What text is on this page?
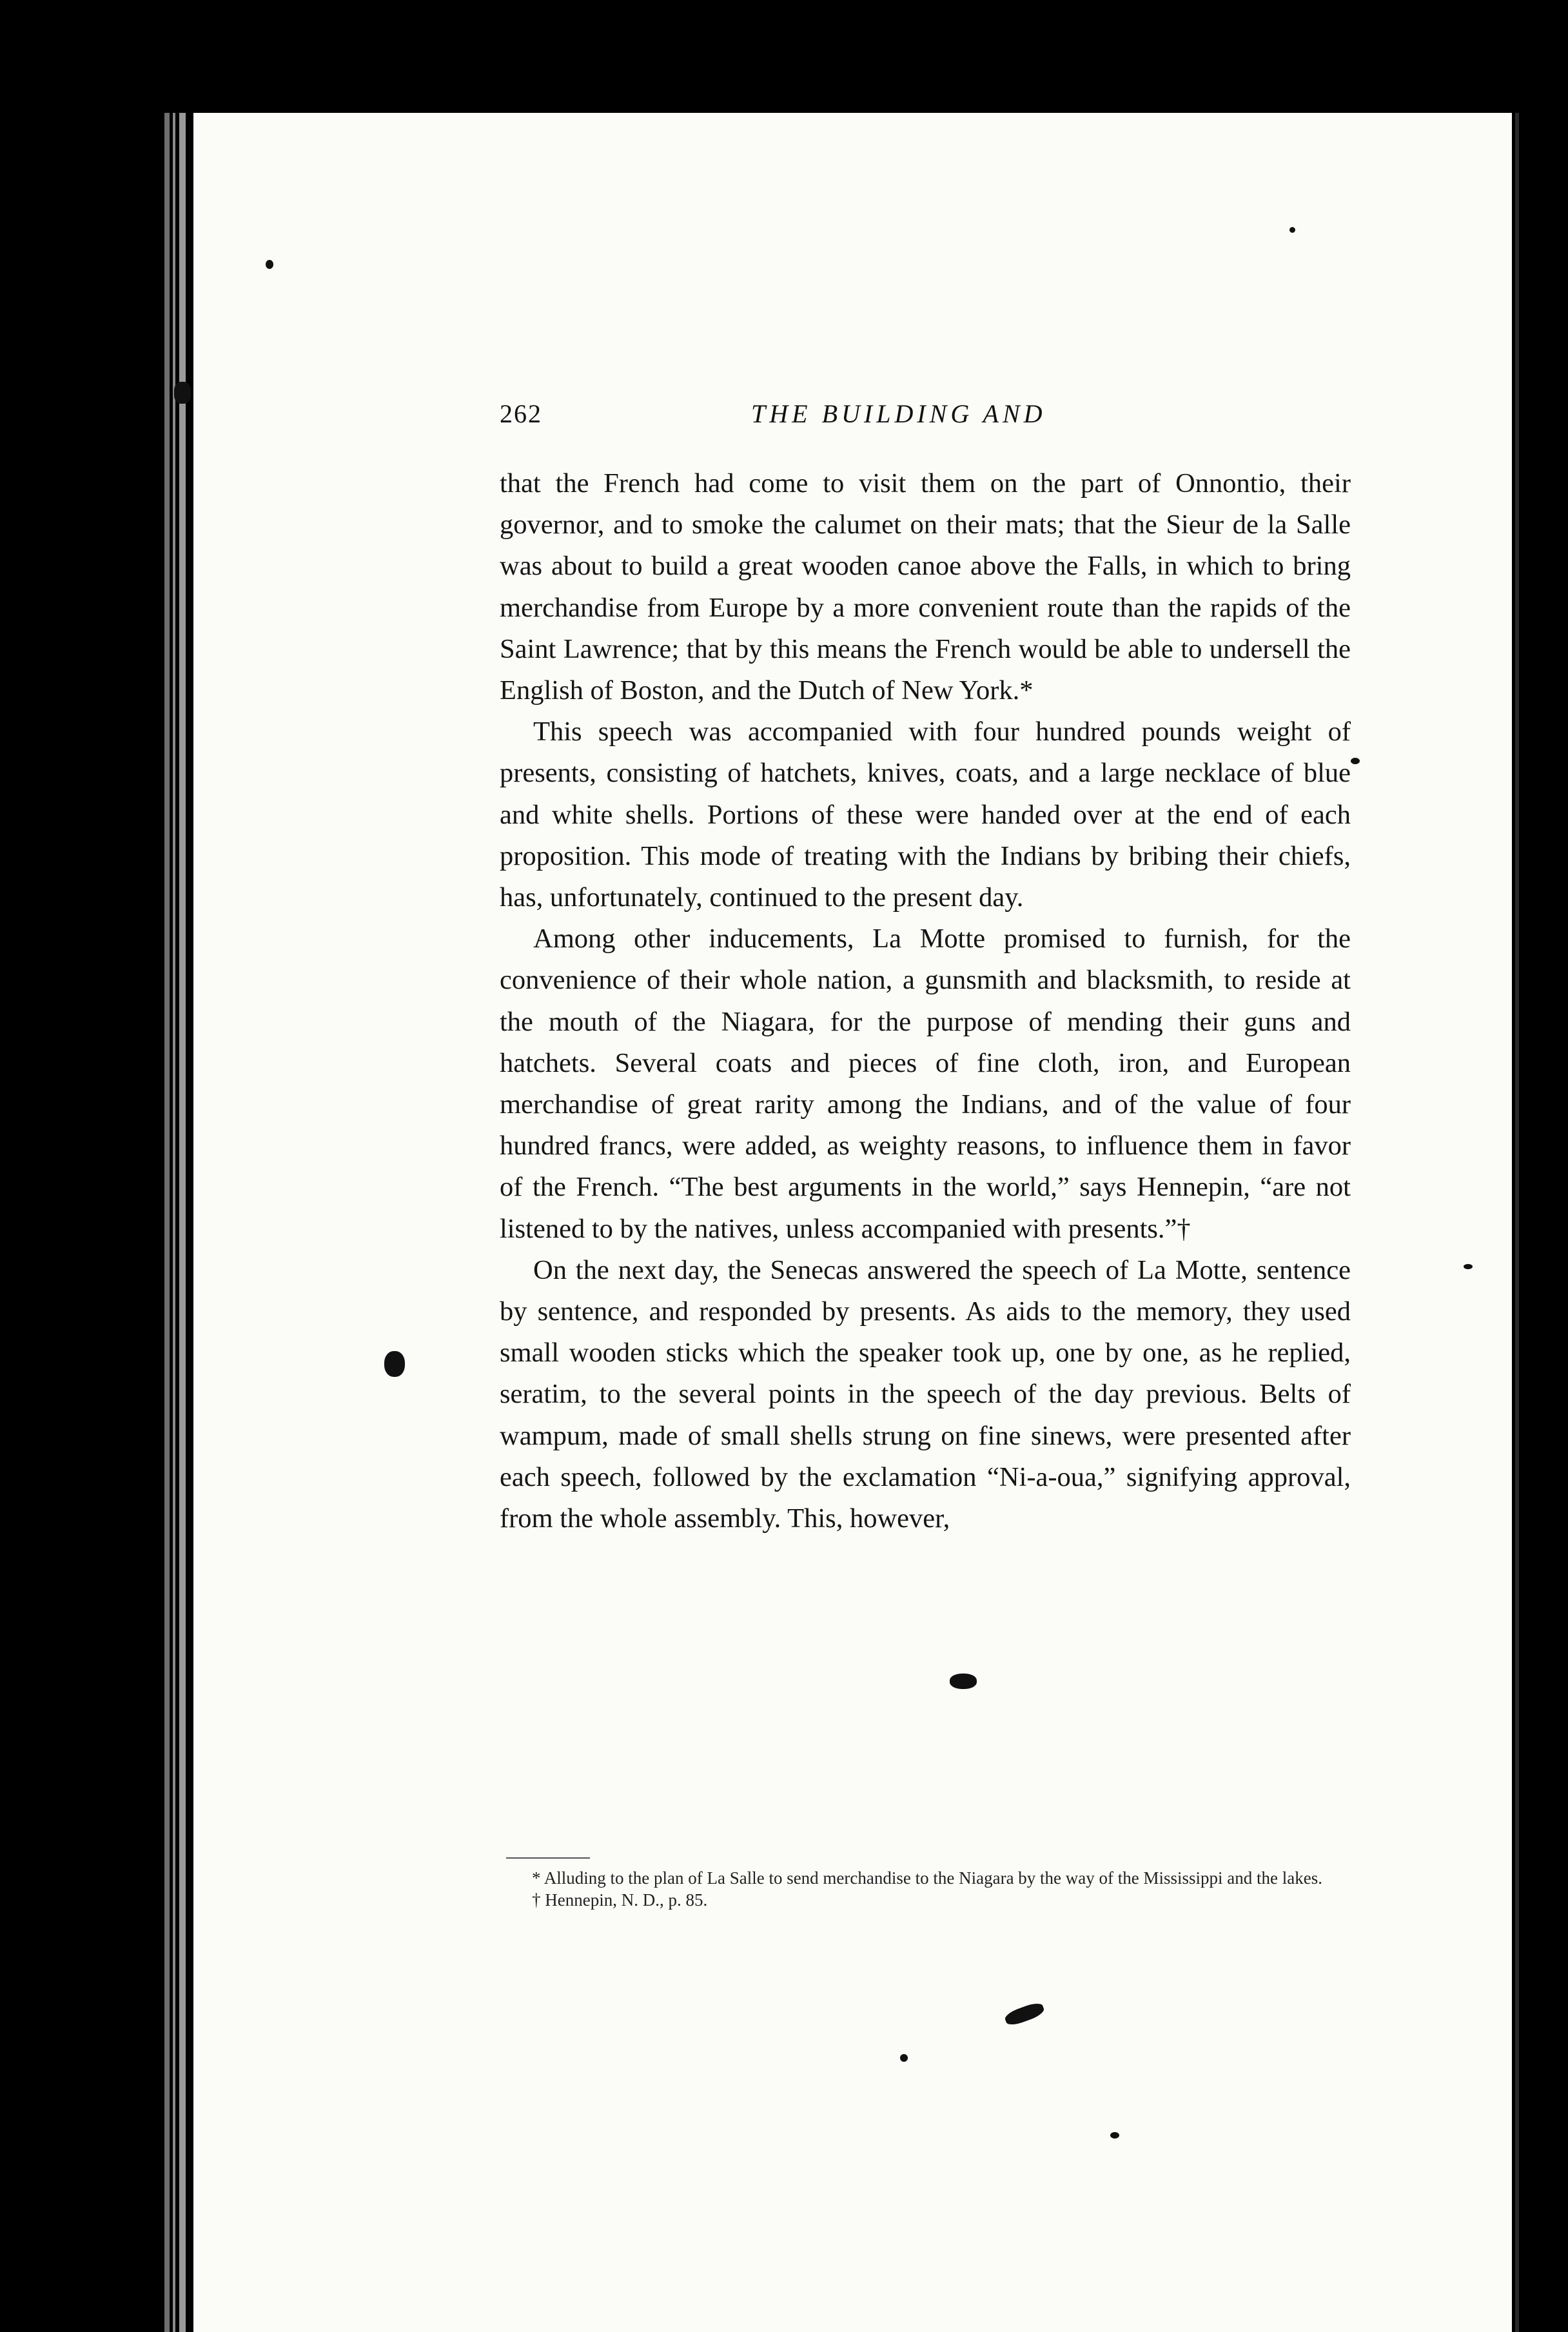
262	THE BUILDING AND

that the French had come to visit them on the part of Onnontio, their governor, and to smoke the calumet on their mats; that the Sieur de la Salle was about to build a great wooden canoe above the Falls, in which to bring merchandise from Europe by a more convenient route than the rapids of the Saint Lawrence; that by this means the French would be able to undersell the English of Boston, and the Dutch of New York.*

This speech was accompanied with four hundred pounds weight of presents, consisting of hatchets, knives, coats, and a large necklace of blue and white shells. Portions of these were handed over at the end of each proposition. This mode of treating with the Indians by bribing their chiefs, has, unfortunately, continued to the present day.

Among other inducements, La Motte promised to furnish, for the convenience of their whole nation, a gunsmith and blacksmith, to reside at the mouth of the Niagara, for the purpose of mending their guns and hatchets. Several coats and pieces of fine cloth, iron, and European merchandise of great rarity among the Indians, and of the value of four hundred francs, were added, as weighty reasons, to influence them in favor of the French. “The best arguments in the world,” says Hennepin, “are not listened to by the natives, unless accompanied with presents.”†

On the next day, the Senecas answered the speech of La Motte, sentence by sentence, and responded by presents. As aids to the memory, they used small wooden sticks which the speaker took up, one by one, as he replied, seratim, to the several points in the speech of the day previous. Belts of wampum, made of small shells strung on fine sinews, were presented after each speech, followed by the exclamation “Ni-a-oua,” signifying approval, from the whole assembly. This, however,

* Alluding to the plan of La Salle to send merchandise to the Niagara by the way of the Mississippi and the lakes.

† Hennepin, N. D., p. 85.
